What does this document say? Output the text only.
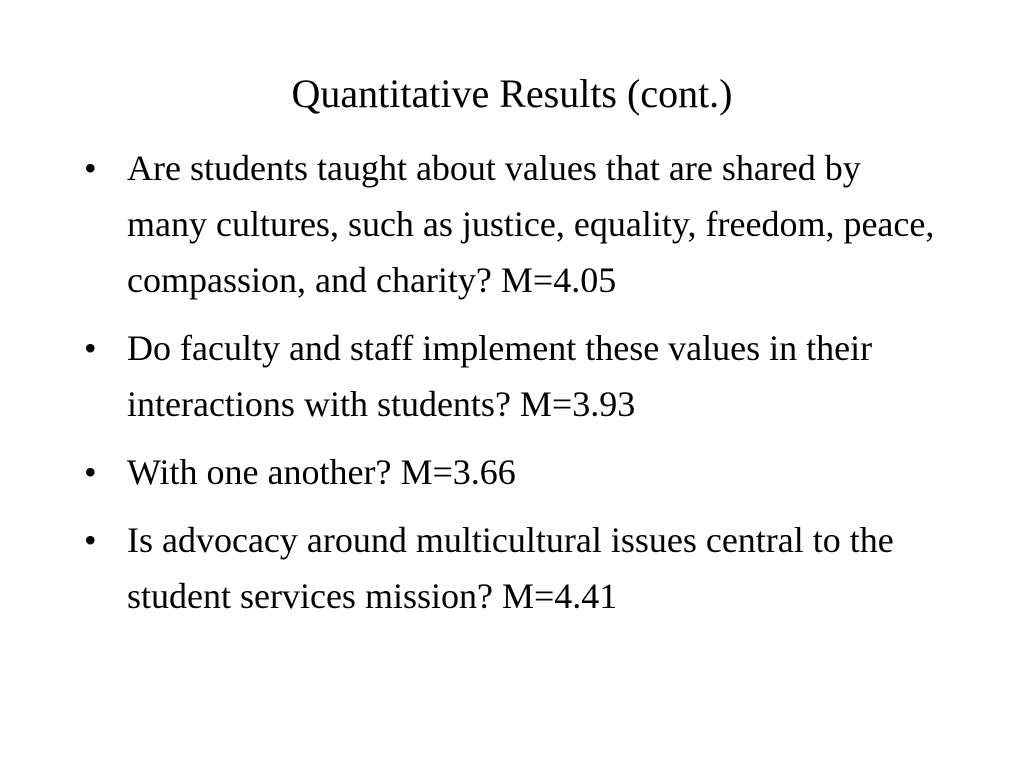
Quantitative Results (cont.)
• Are students taught about values that are shared by many cultures, such as justice, equality, freedom, peace, compassion, and charity? M=4.05
• Do faculty and staff implement these values in their interactions with students? M=3.93
• With one another? M=3.66
• Is advocacy around multicultural issues central to the student services mission? M=4.41
